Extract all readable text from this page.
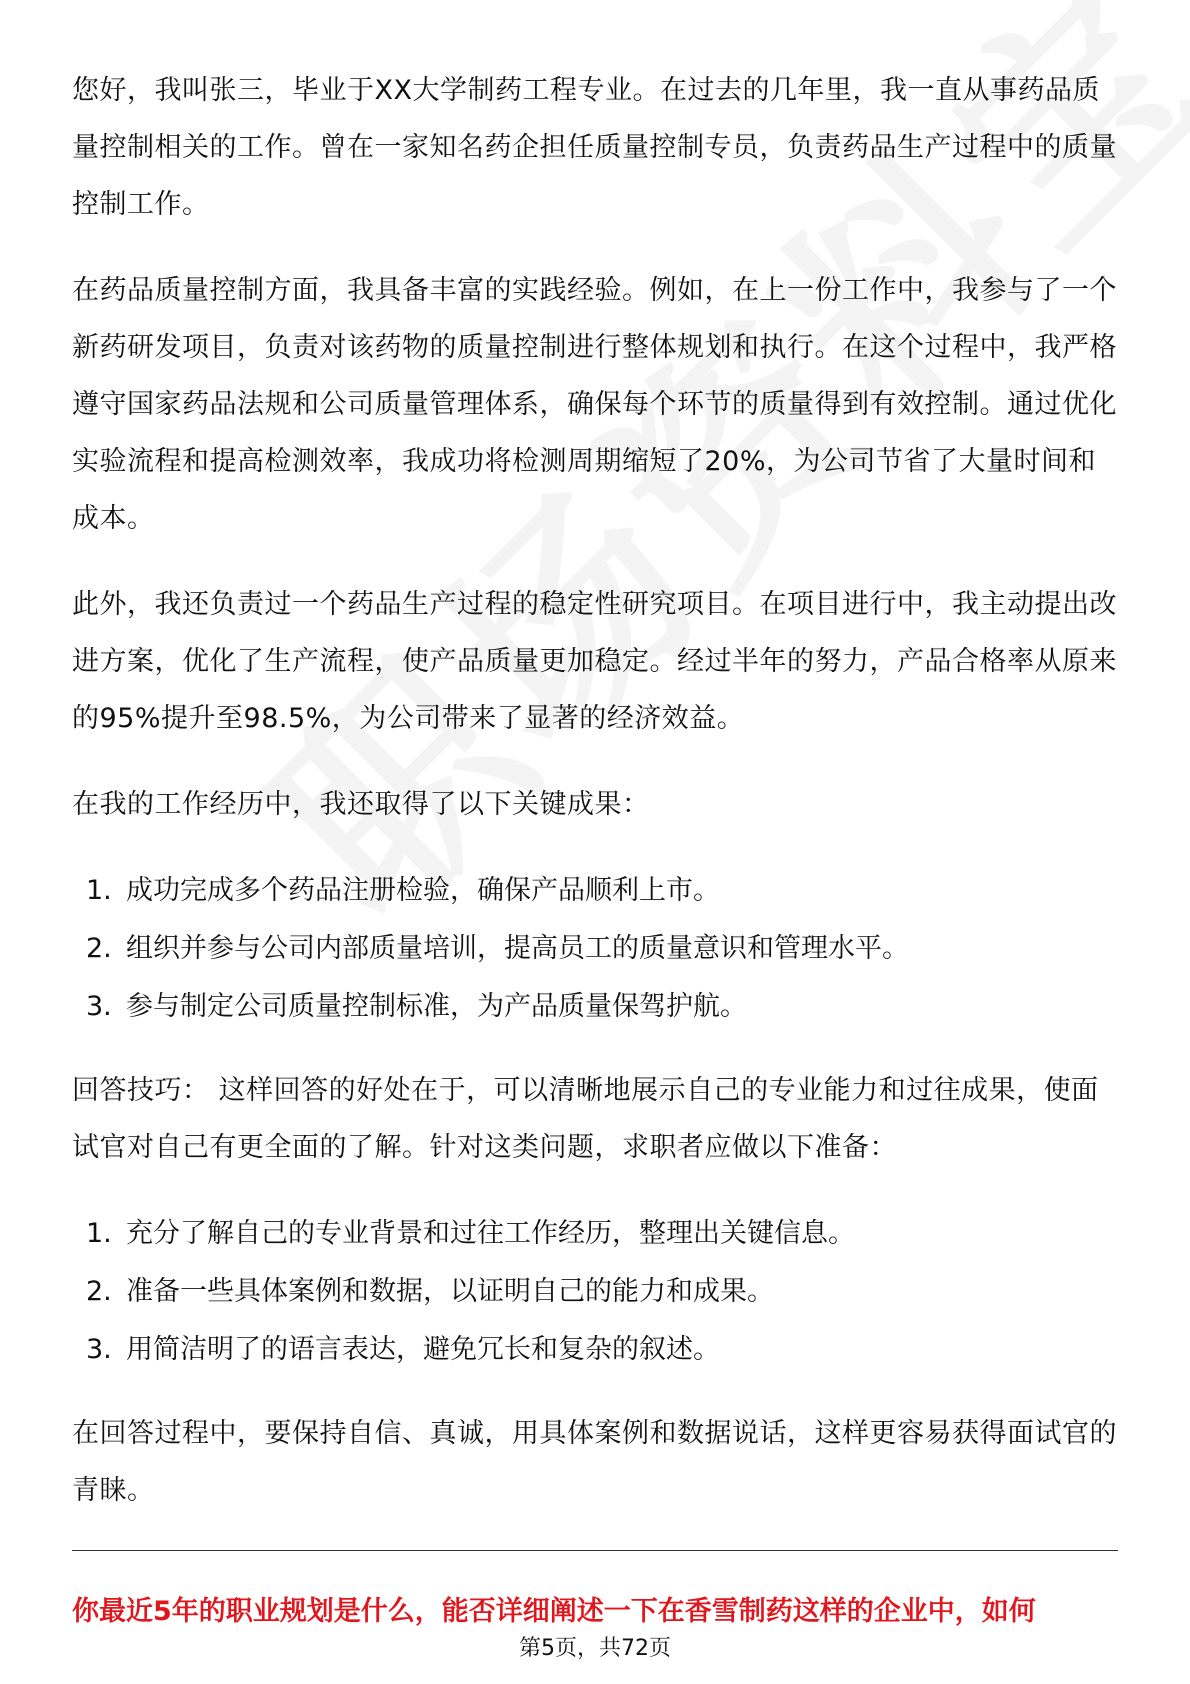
您好，我叫张三，毕业于XX大学制药工程专业。在过去的几年里，我一直从事药品质量控制相关的工作。曾在一家知名药企担任质量控制专员，负责药品生产过程中的质量控制工作。

在药品质量控制方面，我具备丰富的实践经验。例如，在上一份工作中，我参与了一个新药研发项目，负责对该药物的质量控制进行整体规划和执行。在这个过程中，我严格遵守国家药品法规和公司质量管理体系，确保每个环节的质量得到有效控制。通过优化实验流程和提高检测效率，我成功将检测周期缩短了20%，为公司节省了大量时间和成本。

此外，我还负责过一个药品生产过程的稳定性研究项目。在项目进行中，我主动提出改进方案，优化了生产流程，使产品质量更加稳定。经过半年的努力，产品合格率从原来的95%提升至98.5%，为公司带来了显著的经济效益。

在我的工作经历中，我还取得了以下关键成果：

1. 成功完成多个药品注册检验，确保产品顺利上市。
2. 组织并参与公司内部质量培训，提高员工的质量意识和管理水平。
3. 参与制定公司质量控制标准，为产品质量保驾护航。

回答技巧： 这样回答的好处在于，可以清晰地展示自己的专业能力和过往成果，使面试官对自己有更全面的了解。针对这类问题，求职者应做以下准备：

1. 充分了解自己的专业背景和过往工作经历，整理出关键信息。
2. 准备一些具体案例和数据，以证明自己的能力和成果。
3. 用简洁明了的语言表达，避免冗长和复杂的叙述。

在回答过程中，要保持自信、真诚，用具体案例和数据说话，这样更容易获得面试官的青睐。

你最近5年的职业规划是什么，能否详细阐述一下在香雪制药这样的企业中，如何
第5页，共72页
